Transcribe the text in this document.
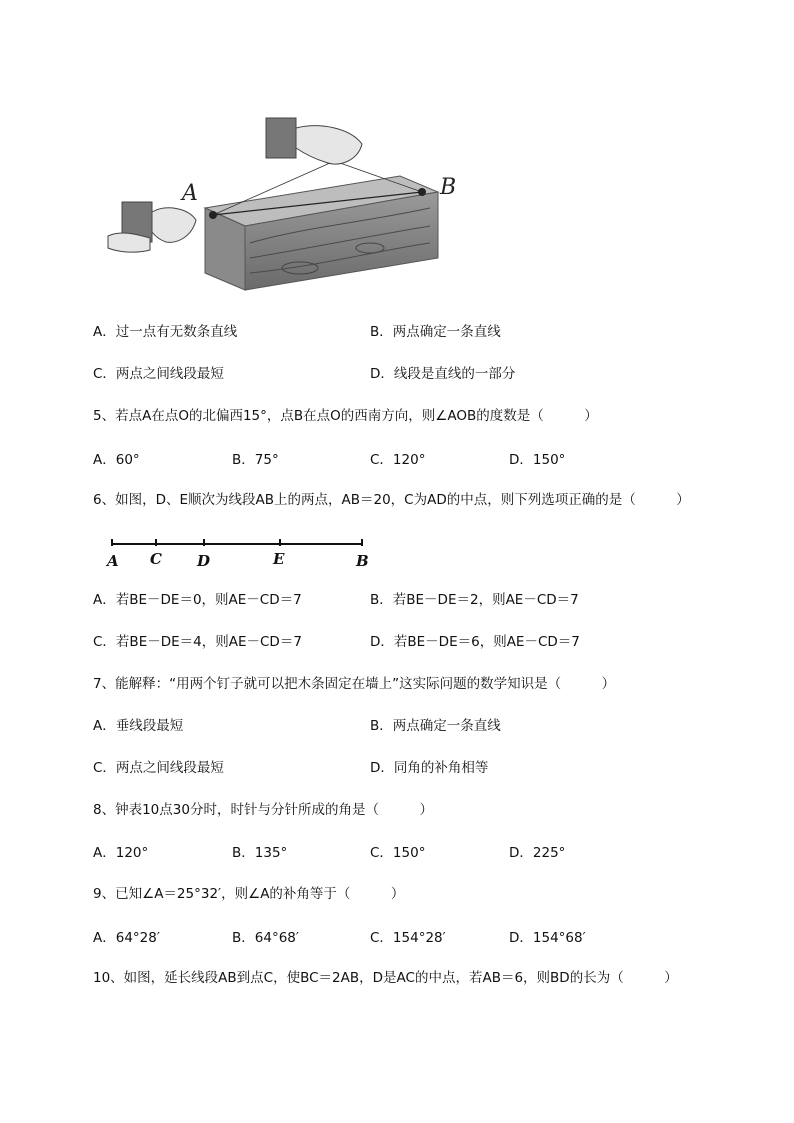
A	B
A．过一点有无数条直线	B．两点确定一条直线
C．两点之间线段最短	D．线段是直线的一部分
5、若点A在点O的北偏西15°，点B在点O的西南方向，则∠AOB的度数是（　　　）
A．60°	B．75°	C．120°	D．150°
6、如图，D、E顺次为线段AB上的两点，AB＝20，C为AD的中点，则下列选项正确的是（　　　）
A C D	E	B
A．若BE－DE＝0，则AE－CD＝7	B．若BE－DE＝2，则AE－CD＝7
C．若BE－DE＝4，则AE－CD＝7	D．若BE－DE＝6，则AE－CD＝7
7、能解释：“用两个钉子就可以把木条固定在墙上”这实际问题的数学知识是（　　　）
A．垂线段最短	B．两点确定一条直线
C．两点之间线段最短	D．同角的补角相等
8、钟表10点30分时，时针与分针所成的角是（　　　）
A．120°	B．135°	C．150°	D．225°
9、已知∠A＝25°32′，则∠A的补角等于（　　　）
A．64°28′	B．64°68′	C．154°28′	D．154°68′
10、如图，延长线段AB到点C，使BC＝2AB，D是AC的中点，若AB＝6，则BD的长为（　　　）
